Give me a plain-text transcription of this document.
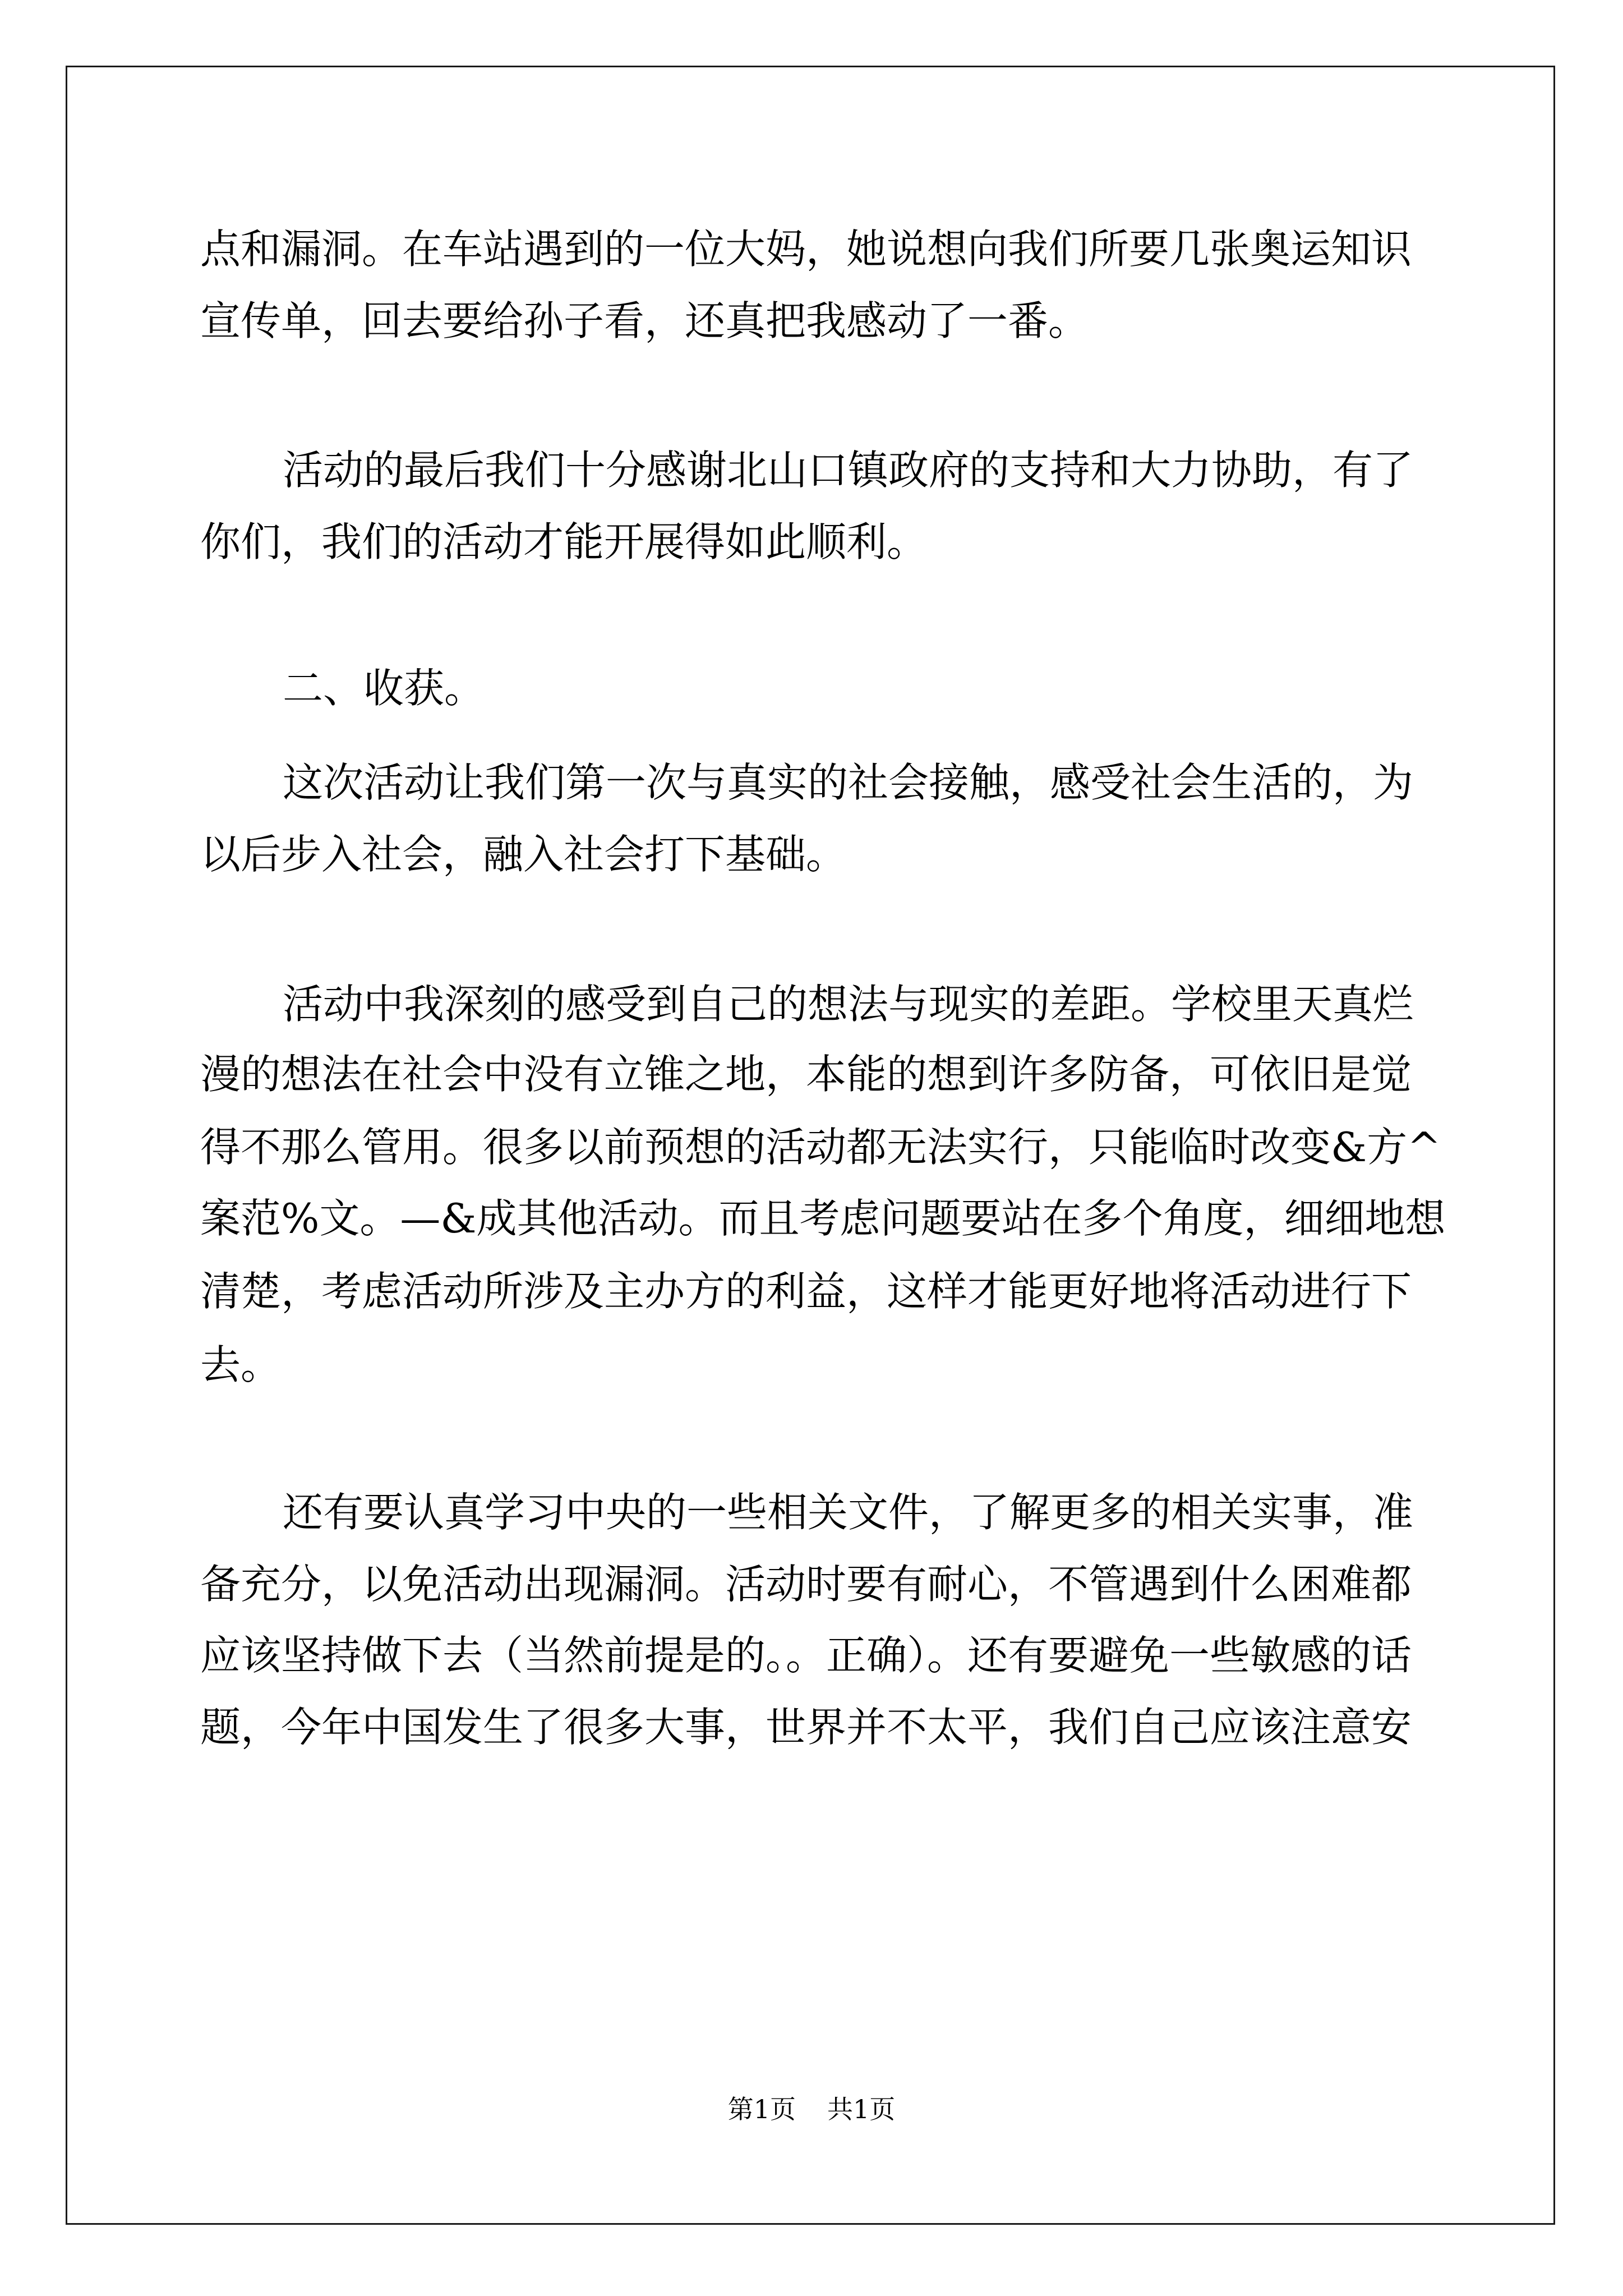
点和漏洞。在车站遇到的一位大妈，她说想向我们所要几张奥运知识
宣传单，回去要给孙子看，还真把我感动了一番。
活动的最后我们十分感谢北山口镇政府的支持和大力协助，有了
你们，我们的活动才能开展得如此顺利。
二、收获。
这次活动让我们第一次与真实的社会接触，感受社会生活的，为
以后步入社会，融入社会打下基础。
活动中我深刻的感受到自己的想法与现实的差距。学校里天真烂
漫的想法在社会中没有立锥之地，本能的想到许多防备，可依旧是觉
得不那么管用。很多以前预想的活动都无法实行，只能临时改变&方^
案范%文。—&成其他活动。而且考虑问题要站在多个角度，细细地想
清楚，考虑活动所涉及主办方的利益，这样才能更好地将活动进行下
去。
还有要认真学习中央的一些相关文件，了解更多的相关实事，准
备充分，以免活动出现漏洞。活动时要有耐心，不管遇到什么困难都
应该坚持做下去（当然前提是的。。正确）。还有要避免一些敏感的话
题，今年中国发生了很多大事，世界并不太平，我们自己应该注意安
第1页 共1页
